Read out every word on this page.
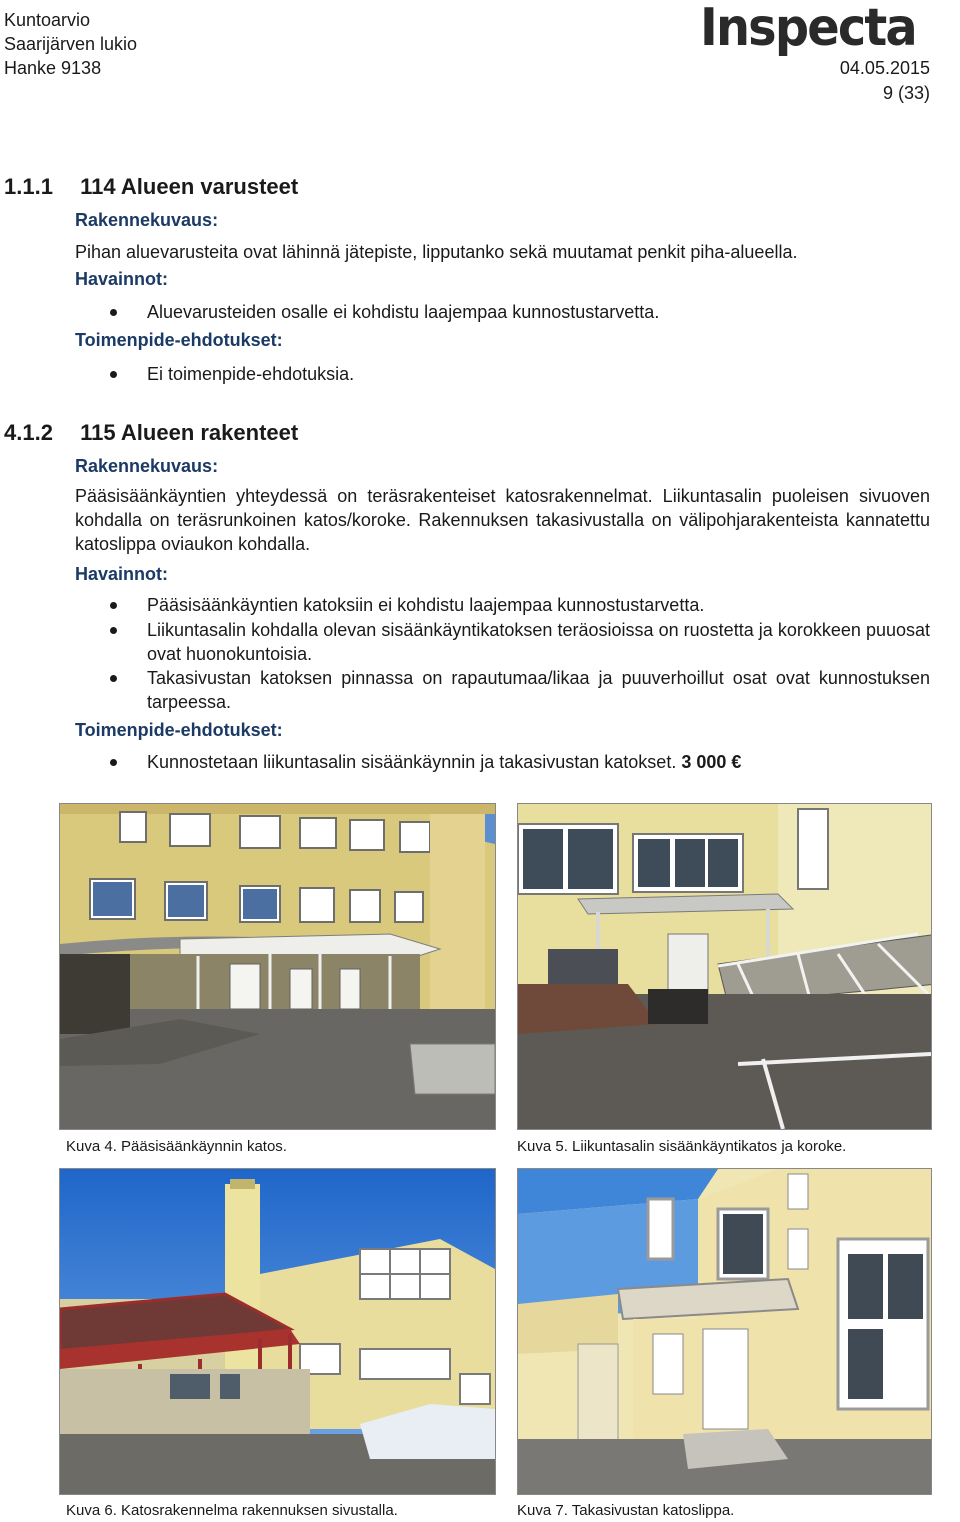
Kuntoarvio
Saarijärven lukio
Hanke 9138
Inspecta
04.05.2015
9 (33)
1.1.1 114 Alueen varusteet
Rakennekuvaus:
Pihan aluevarusteita ovat lähinnä jätepiste, lipputanko sekä muutamat penkit piha-alueella.
Havainnot:
Aluevarusteiden osalle ei kohdistu laajempaa kunnostustarvetta.
Toimenpide-ehdotukset:
Ei toimenpide-ehdotuksia.
4.1.2 115 Alueen rakenteet
Rakennekuvaus:
Pääsisäänkäyntien yhteydessä on teräsrakenteiset katosrakennelmat. Liikuntasalin puoleisen sivuoven kohdalla on teräsrunkoinen katos/koroke. Rakennuksen takasivustalla on välipohjarakenteista kannatettu katoslippa oviaukon kohdalla.
Havainnot:
Pääsisäänkäyntien katoksiin ei kohdistu laajempaa kunnostustarvetta.
Liikuntasalin kohdalla olevan sisäänkäyntikatoksen teräosioissa on ruostetta ja korokkeen puuosat ovat huonokuntoisia.
Takasivustan katoksen pinnassa on rapautumaa/likaa ja puuverhoillut osat ovat kunnostuksen tarpeessa.
Toimenpide-ehdotukset:
Kunnostetaan liikuntasalin sisäänkäynnin ja takasivustan katokset. 3 000 €
Kuva 4. Pääsisäänkäynnin katos.	Kuva 5. Liikuntasalin sisäänkäyntikatos ja koroke.
Kuva 6. Katosrakennelma rakennuksen sivustalla.	Kuva 7. Takasivustan katoslippa.
